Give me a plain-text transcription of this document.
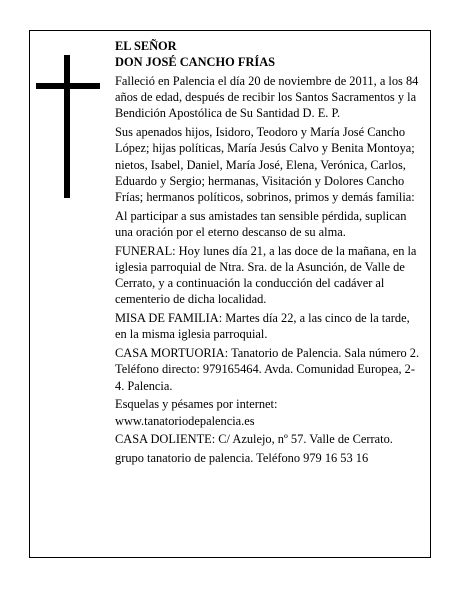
EL SEÑOR

DON JOSÉ CANCHO FRÍAS

Falleció en Palencia el día 20 de noviembre de 2011, a los 84 años de edad, después de recibir los Santos Sacramentos y la Bendición Apostólica de Su Santidad D. E. P.

Sus apenados hijos, Isidoro, Teodoro y María José Cancho López; hijas políticas, María Jesús Calvo y Benita Montoya; nietos, Isabel, Daniel, María José, Elena, Verónica, Carlos, Eduardo y Sergio; hermanas, Visitación y Dolores Cancho Frías; hermanos políticos, sobrinos, primos y demás familia:

Al participar a sus amistades tan sensible pérdida, suplican una oración por el eterno descanso de su alma.

FUNERAL: Hoy lunes día 21, a las doce de la mañana, en la iglesia parroquial de Ntra. Sra. de la Asunción, de Valle de Cerrato, y a continuación la conducción del cadáver al cementerio de dicha localidad.

MISA DE FAMILIA: Martes día 22, a las cinco de la tarde, en la misma iglesia parroquial.

CASA MORTUORIA: Tanatorio de Palencia. Sala número 2. Teléfono directo: 979165464. Avda. Comunidad Europea, 2-4. Palencia.

Esquelas y pésames por internet: www.tanatoriodepalencia.es

CASA DOLIENTE: C/ Azulejo, nº 57. Valle de Cerrato.

grupo tanatorio de palencia. Teléfono 979 16 53 16
